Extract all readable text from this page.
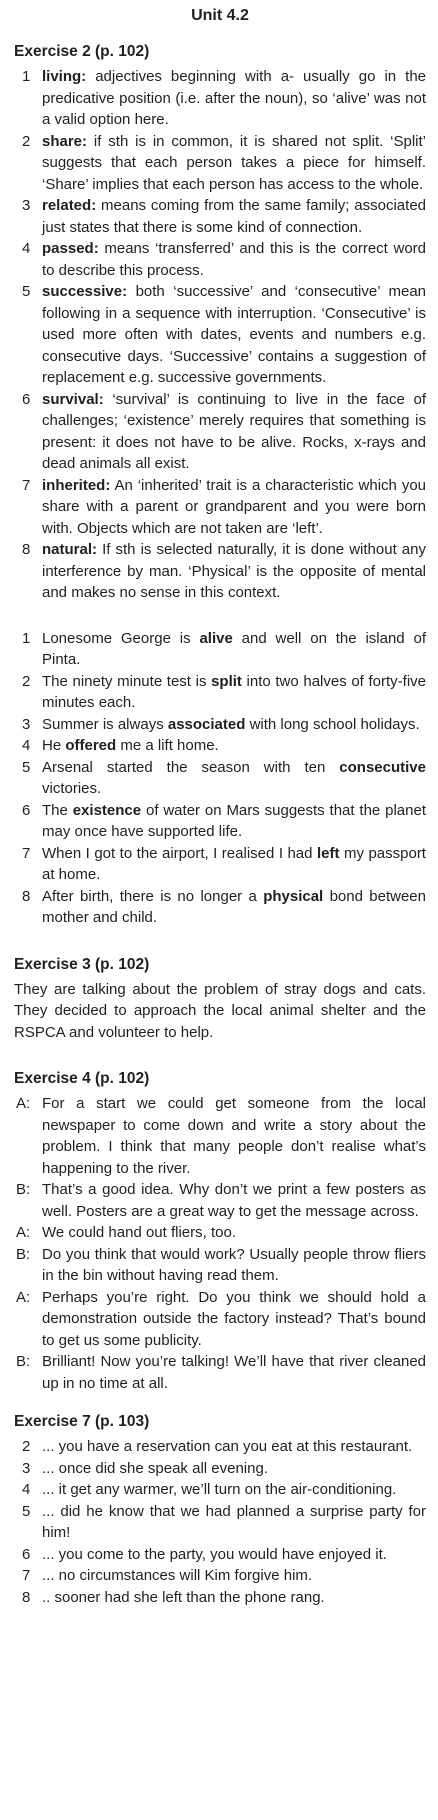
Unit 4.2
Exercise 2 (p. 102)
1 living: adjectives beginning with a- usually go in the predicative position (i.e. after the noun), so ‘alive’ was not a valid option here.
2 share: if sth is in common, it is shared not split. ‘Split’ suggests that each person takes a piece for himself. ‘Share’ implies that each person has access to the whole.
3 related: means coming from the same family; associated just states that there is some kind of connection.
4 passed: means ‘transferred’ and this is the correct word to describe this process.
5 successive: both ‘successive’ and ‘consecutive’ mean following in a sequence with interruption. ‘Consecutive’ is used more often with dates, events and numbers e.g. consecutive days. ‘Successive’ contains a suggestion of replacement e.g. successive governments.
6 survival: ‘survival’ is continuing to live in the face of challenges; ‘existence’ merely requires that something is present: it does not have to be alive. Rocks, x-rays and dead animals all exist.
7 inherited: An ‘inherited’ trait is a characteristic which you share with a parent or grandparent and you were born with. Objects which are not taken are ‘left’.
8 natural: If sth is selected naturally, it is done without any interference by man. ‘Physical’ is the opposite of mental and makes no sense in this context.
1 Lonesome George is alive and well on the island of Pinta.
2 The ninety minute test is split into two halves of forty-five minutes each.
3 Summer is always associated with long school holidays.
4 He offered me a lift home.
5 Arsenal started the season with ten consecutive victories.
6 The existence of water on Mars suggests that the planet may once have supported life.
7 When I got to the airport, I realised I had left my passport at home.
8 After birth, there is no longer a physical bond between mother and child.
Exercise 3 (p. 102)

They are talking about the problem of stray dogs and cats. They decided to approach the local animal shelter and the RSPCA and volunteer to help.

Exercise 4 (p. 102)
A: For a start we could get someone from the local newspaper to come down and write a story about the problem. I think that many people don’t realise what’s happening to the river.
B: That’s a good idea. Why don’t we print a few posters as well. Posters are a great way to get the message across.
A: We could hand out fliers, too.
B: Do you think that would work? Usually people throw fliers in the bin without having read them.
A: Perhaps you’re right. Do you think we should hold a demonstration outside the factory instead? That’s bound to get us some publicity.
B: Brilliant! Now you’re talking! We’ll have that river cleaned up in no time at all.
Exercise 7 (p. 103)
2 ... you have a reservation can you eat at this restaurant.
3 ... once did she speak all evening.
4 ... it get any warmer, we’ll turn on the air-conditioning.
5 ... did he know that we had planned a surprise party for him!
6 ... you come to the party, you would have enjoyed it.
7 ... no circumstances will Kim forgive him.
8 .. sooner had she left than the phone rang.
